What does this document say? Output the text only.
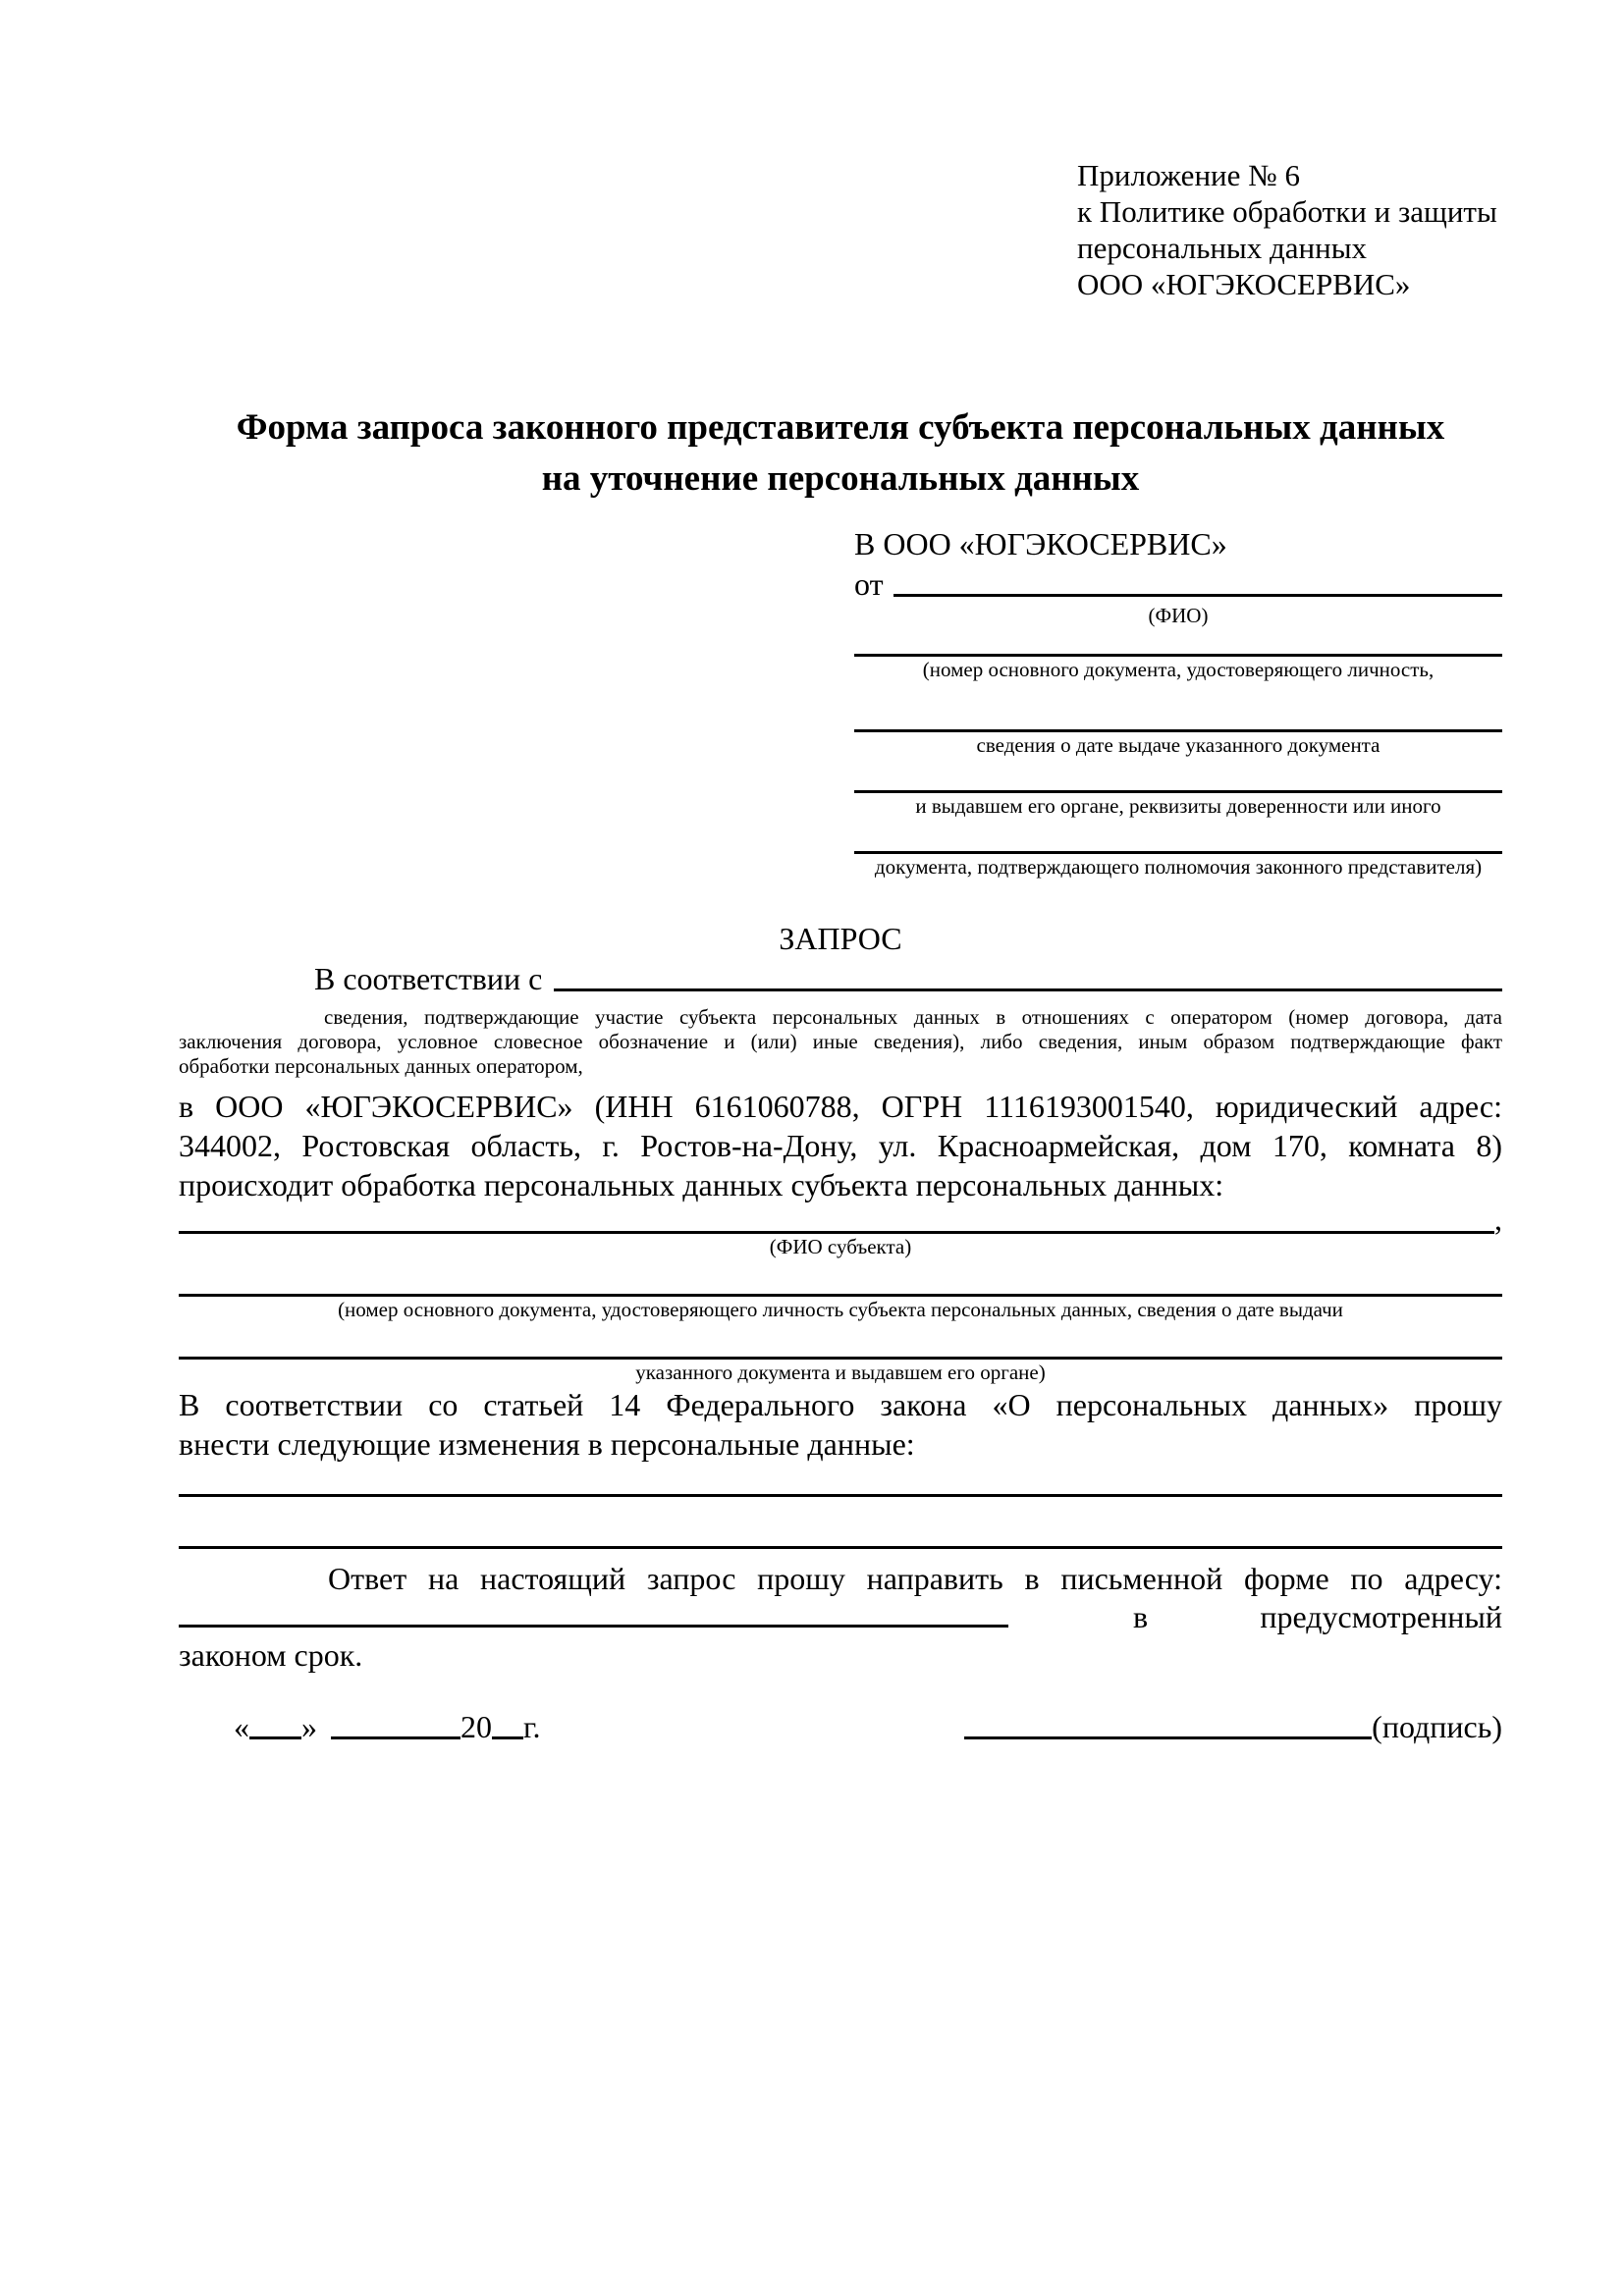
Приложение № 6
к Политике обработки и защиты
персональных данных
ООО «ЮГЭКОСЕРВИС»
Форма запроса законного представителя субъекта персональных данных
на уточнение персональных данных
В ООО «ЮГЭКОСЕРВИС»
от
(ФИО)
(номер основного документа, удостоверяющего личность,
сведения о дате выдаче указанного документа
и выдавшем его органе, реквизиты доверенности или иного
документа, подтверждающего полномочия законного представителя)
ЗАПРОС
В соответствии с
сведения, подтверждающие участие субъекта персональных данных в отношениях с оператором (номер договора, дата
заключения договора, условное словесное обозначение и (или) иные сведения), либо сведения, иным образом подтверждающие факт
обработки персональных данных оператором,
в ООО «ЮГЭКОСЕРВИС» (ИНН 6161060788, ОГРН 1116193001540, юридический адрес:
344002, Ростовская область, г. Ростов-на-Дону, ул. Красноармейская, дом 170, комната 8)
происходит обработка персональных данных субъекта персональных данных:
,
(ФИО субъекта)
(номер основного документа, удостоверяющего личность субъекта персональных данных, сведения о дате выдачи
указанного документа и выдавшем его органе)
В соответствии со статьей 14 Федерального закона «О персональных данных» прошу
внести следующие изменения в персональные данные:
Ответ на настоящий запрос прошу направить в письменной форме по адресу:
в	предусмотренный
законом срок.
« »	20 г.	(подпись)
